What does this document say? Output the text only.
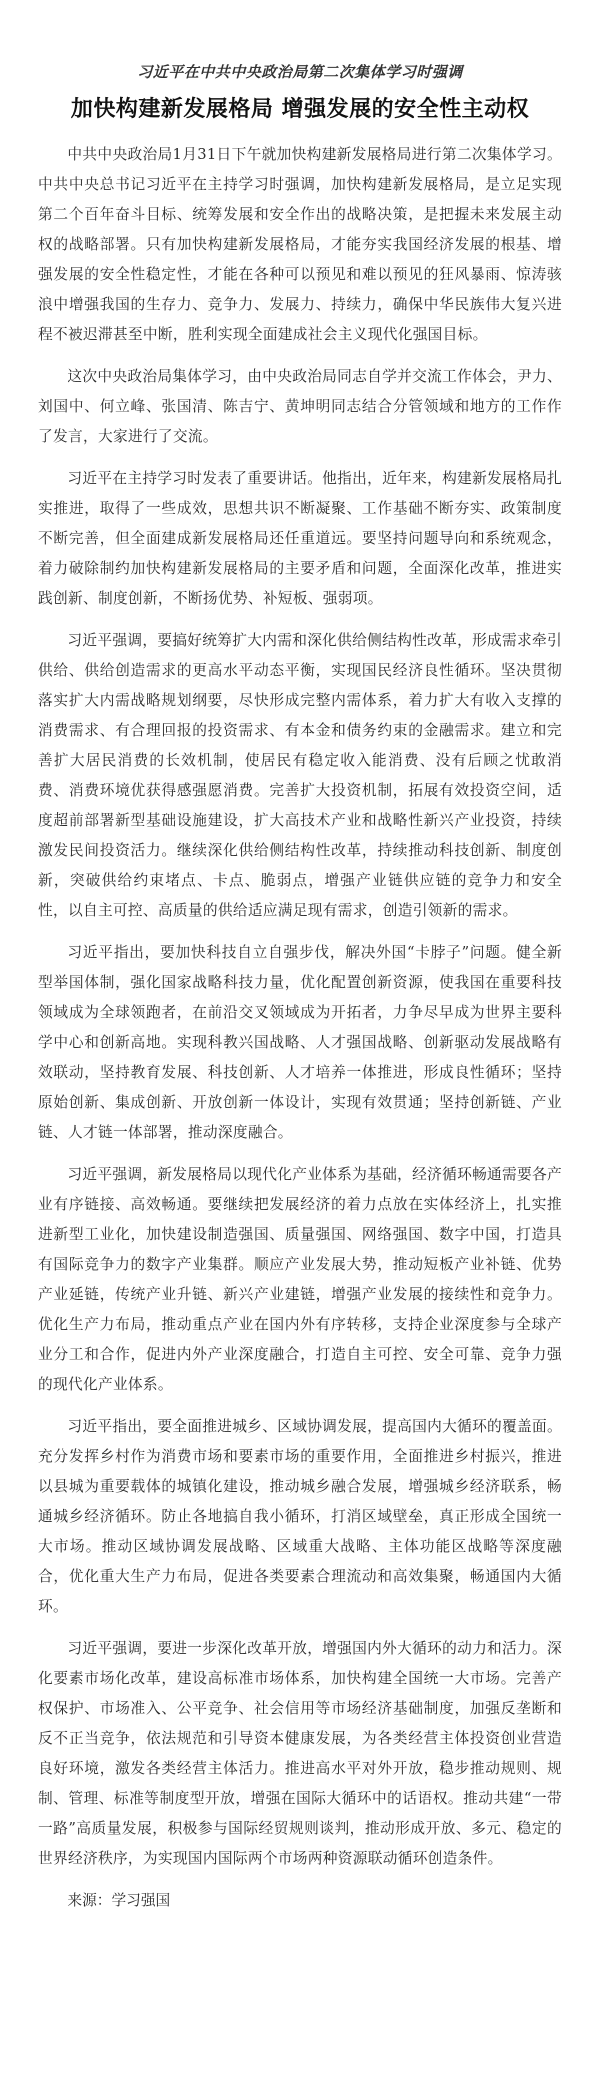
习近平在中共中央政治局第二次集体学习时强调
加快构建新发展格局 增强发展的安全性主动权
中共中央政治局1月31日下午就加快构建新发展格局进行第二次集体学习。中共中央总书记习近平在主持学习时强调，加快构建新发展格局，是立足实现第二个百年奋斗目标、统筹发展和安全作出的战略决策，是把握未来发展主动权的战略部署。只有加快构建新发展格局，才能夯实我国经济发展的根基、增强发展的安全性稳定性，才能在各种可以预见和难以预见的狂风暴雨、惊涛骇浪中增强我国的生存力、竞争力、发展力、持续力，确保中华民族伟大复兴进程不被迟滞甚至中断，胜利实现全面建成社会主义现代化强国目标。
这次中央政治局集体学习，由中央政治局同志自学并交流工作体会，尹力、刘国中、何立峰、张国清、陈吉宁、黄坤明同志结合分管领域和地方的工作作了发言，大家进行了交流。
习近平在主持学习时发表了重要讲话。他指出，近年来，构建新发展格局扎实推进，取得了一些成效，思想共识不断凝聚、工作基础不断夯实、政策制度不断完善，但全面建成新发展格局还任重道远。要坚持问题导向和系统观念，着力破除制约加快构建新发展格局的主要矛盾和问题，全面深化改革，推进实践创新、制度创新，不断扬优势、补短板、强弱项。
习近平强调，要搞好统筹扩大内需和深化供给侧结构性改革，形成需求牵引供给、供给创造需求的更高水平动态平衡，实现国民经济良性循环。坚决贯彻落实扩大内需战略规划纲要，尽快形成完整内需体系，着力扩大有收入支撑的消费需求、有合理回报的投资需求、有本金和债务约束的金融需求。建立和完善扩大居民消费的长效机制，使居民有稳定收入能消费、没有后顾之忧敢消费、消费环境优获得感强愿消费。完善扩大投资机制，拓展有效投资空间，适度超前部署新型基础设施建设，扩大高技术产业和战略性新兴产业投资，持续激发民间投资活力。继续深化供给侧结构性改革，持续推动科技创新、制度创新，突破供给约束堵点、卡点、脆弱点，增强产业链供应链的竞争力和安全性，以自主可控、高质量的供给适应满足现有需求，创造引领新的需求。
习近平指出，要加快科技自立自强步伐，解决外国“卡脖子”问题。健全新型举国体制，强化国家战略科技力量，优化配置创新资源，使我国在重要科技领域成为全球领跑者，在前沿交叉领域成为开拓者，力争尽早成为世界主要科学中心和创新高地。实现科教兴国战略、人才强国战略、创新驱动发展战略有效联动，坚持教育发展、科技创新、人才培养一体推进，形成良性循环；坚持原始创新、集成创新、开放创新一体设计，实现有效贯通；坚持创新链、产业链、人才链一体部署，推动深度融合。
习近平强调，新发展格局以现代化产业体系为基础，经济循环畅通需要各产业有序链接、高效畅通。要继续把发展经济的着力点放在实体经济上，扎实推进新型工业化，加快建设制造强国、质量强国、网络强国、数字中国，打造具有国际竞争力的数字产业集群。顺应产业发展大势，推动短板产业补链、优势产业延链，传统产业升链、新兴产业建链，增强产业发展的接续性和竞争力。优化生产力布局，推动重点产业在国内外有序转移，支持企业深度参与全球产业分工和合作，促进内外产业深度融合，打造自主可控、安全可靠、竞争力强的现代化产业体系。
习近平指出，要全面推进城乡、区域协调发展，提高国内大循环的覆盖面。充分发挥乡村作为消费市场和要素市场的重要作用，全面推进乡村振兴，推进以县城为重要载体的城镇化建设，推动城乡融合发展，增强城乡经济联系，畅通城乡经济循环。防止各地搞自我小循环，打消区域壁垒，真正形成全国统一大市场。推动区域协调发展战略、区域重大战略、主体功能区战略等深度融合，优化重大生产力布局，促进各类要素合理流动和高效集聚，畅通国内大循环。
习近平强调，要进一步深化改革开放，增强国内外大循环的动力和活力。深化要素市场化改革，建设高标准市场体系，加快构建全国统一大市场。完善产权保护、市场准入、公平竞争、社会信用等市场经济基础制度，加强反垄断和反不正当竞争，依法规范和引导资本健康发展，为各类经营主体投资创业营造良好环境，激发各类经营主体活力。推进高水平对外开放，稳步推动规则、规制、管理、标准等制度型开放，增强在国际大循环中的话语权。推动共建“一带一路”高质量发展，积极参与国际经贸规则谈判，推动形成开放、多元、稳定的世界经济秩序，为实现国内国际两个市场两种资源联动循环创造条件。
来源：学习强国
